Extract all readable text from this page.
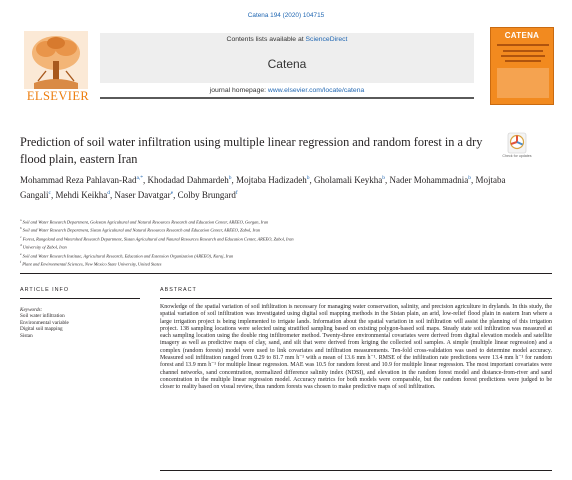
Catena 194 (2020) 104715
ELSEVIER
Contents lists available at ScienceDirect
Catena
journal homepage: www.elsevier.com/locate/catena
CATENA
Prediction of soil water infiltration using multiple linear regression and random forest in a dry flood plain, eastern Iran	Check for updates
Mohammad Reza Pahlavan-Rad$^{a,*}$, Khodadad Dahmardeh$^b$, Mojtaba Hadizadeh$^b$, Gholamali Keykha$^b$, Nader Mohammadnia$^b$, Mojtaba Gangali$^c$, Mehdi Keikha$^d$, Naser Davatgar$^e$, Colby Brungard$^f$
$^a$ Soil and Water Research Department, Golestan Agricultural and Natural Resources Research and Education Center, AREEO, Gorgan, Iran
$^b$ Soil and Water Research Department, Sistan Agricultural and Natural Resources Research and Education Center, AREEO, Zabol, Iran
$^c$ Forest, Rangeland and Watershed Research Department, Sistan Agricultural and Natural Resources Research and Education Center, AREEO, Zabol, Iran
$^d$ University of Zabol, Iran
$^e$ Soil and Water Research Institute, Agricultural Research, Education and Extension Organization (AREEO), Karaj, Iran
$^f$ Plant and Environmental Sciences, New Mexico State University, United States
ARTICLE INFO
Keywords:
Soil water infiltration
Environmental variable
Digital soil mapping
Sistan
ABSTRACT

Knowledge of the spatial variation of soil infiltration is necessary for managing water conservation, salinity, and precision agriculture in drylands. In this study, the spatial variation of soil infiltration was investigated using digital soil mapping methods in the Sistan plain, an arid, low-relief flood plain in eastern Iran where a large irrigation project is being implemented to irrigate lands. Information about the spatial variation in soil infiltration will assist the planning of this irrigation project. 138 sampling locations were selected using stratified sampling based on existing polygon-based soil maps. Steady state soil infiltration was measured at each sampling location using the double ring infiltrometer method. Twenty-three environmental covariates were derived from digital elevation models and satellite imagery as well as predictive maps of clay, sand, and silt that were derived from kriging the collected soil samples. A simple (multiple linear regression) and a complex (random forests) model were used to link covariates and infiltration measurements. Ten-fold cross-validation was used to determine model accuracy. Measured soil infiltration ranged from 0.29 to 81.7 mm h⁻¹ with a mean of 13.6 mm h⁻¹. RMSE of the infiltration rate predictions were 13.4 mm h⁻¹ for random forest and 13.9 mm h⁻¹ for multiple linear regression. MAE was 10.5 for random forest and 10.9 for multiple linear regression. The most important covariates were channel networks, sand concentration, normalized difference salinity index (NDSI), and elevation in the random forest model and distance-from-river and sand concentration in the multiple linear regression model. Accuracy metrics for both models were comparable, but the random forest predictions were judged to be closer to reality based on visual review, thus random forests was chosen to make predictive maps of soil infiltration.
